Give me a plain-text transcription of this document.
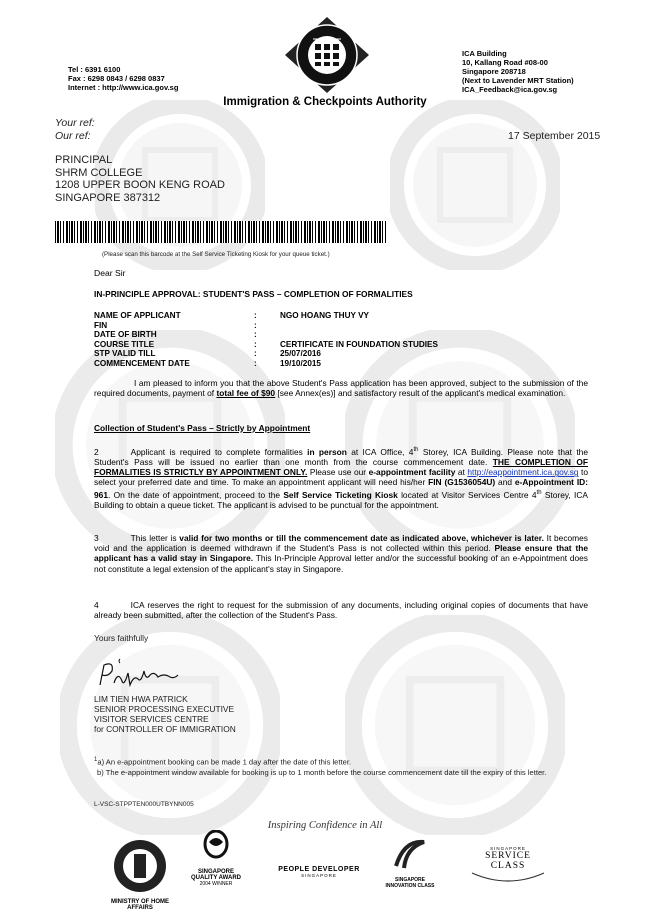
Tel : 6391 6100
Fax : 6298 0843 / 6298 0837
Internet : http://www.ica.gov.sg
ICA Building
10, Kallang Road #08-00
Singapore 208718
(Next to Lavender MRT Station)
ICA_Feedback@ica.gov.sg
Immigration & Checkpoints Authority
Your ref:
Our ref:	17 September 2015
PRINCIPAL
SHRM COLLEGE
1208 UPPER BOON KENG ROAD
SINGAPORE 387312
(Please scan this barcode at the Self Service Ticketing Kiosk for your queue ticket.)
Dear Sir
IN-PRINCIPLE APPROVAL: STUDENT'S PASS – COMPLETION OF FORMALITIES
NAME OF APPLICANT	:	NGO HOANG THUY VY
FIN	:
DATE OF BIRTH	:
COURSE TITLE	:	CERTIFICATE IN FOUNDATION STUDIES
STP VALID TILL	:	25/07/2016
COMMENCEMENT DATE	:	19/10/2015
I am pleased to inform you that the above Student's Pass application has been approved, subject to the submission of the required documents, payment of total fee of $90 [see Annex(es)] and satisfactory result of the applicant's medical examination.
Collection of Student's Pass – Strictly by Appointment
2	Applicant is required to complete formalities in person at ICA Office, 4th Storey, ICA Building. Please note that the Student's Pass will be issued no earlier than one month from the course commencement date. THE COMPLETION OF FORMALITIES IS STRICTLY BY APPOINTMENT ONLY. Please use our e-appointment facility at http://eappointment.ica.gov.sg to select your preferred date and time. To make an appointment applicant will need his/her FIN (G1536054U) and e-Appointment ID: 961. On the date of appointment, proceed to the Self Service Ticketing Kiosk located at Visitor Services Centre 4th Storey, ICA Building to obtain a queue ticket. The applicant is advised to be punctual for the appointment.
3	This letter is valid for two months or till the commencement date as indicated above, whichever is later. It becomes void and the application is deemed withdrawn if the Student's Pass is not collected within this period. Please ensure that the applicant has a valid stay in Singapore. This In-Principle Approval letter and/or the successful booking of an e-Appointment does not constitute a legal extension of the applicant's stay in Singapore.
4	ICA reserves the right to request for the submission of any documents, including original copies of documents that have already been submitted, after the collection of the Student's Pass.
Yours faithfully
LIM TIEN HWA PATRICK
SENIOR PROCESSING EXECUTIVE
VISITOR SERVICES CENTRE
for CONTROLLER OF IMMIGRATION
$^1$a) An e-appointment booking can be made 1 day after the date of this letter.
b) The e-appointment window available for booking is up to 1 month before the course commencement date till the expiry of this letter.
L-VSC-STPPTEN000UTBYNN005
Inspiring Confidence in All
MINISTRY OF HOME AFFAIRS
SINGAPORE QUALITY AWARD
2004 WINNER
PEOPLE DEVELOPER
SINGAPORE
SINGAPORE INNOVATION CLASS
SINGAPORE
SERVICE CLASS
